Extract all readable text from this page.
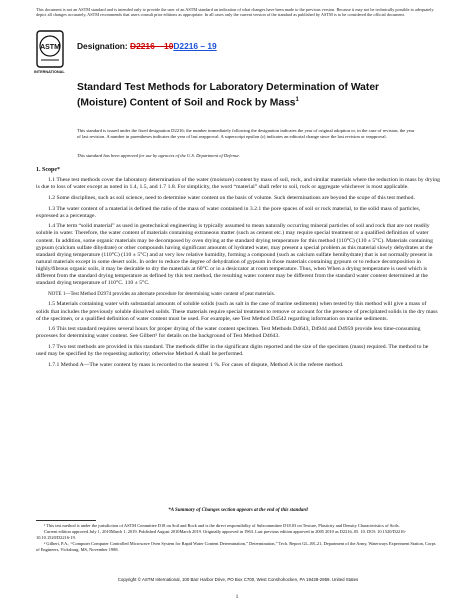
This document is not an ASTM standard and is intended only to provide the user of an ASTM standard an indication of what changes have been made to the previous version. Because it may not be technically possible to adequately depict all changes accurately, ASTM recommends that users consult prior editions as appropriate. In all cases only the current version of the standard as published by ASTM is to be considered the official document.
ASTM
INTERNATIONAL
Designation: D2216 – 10D2216 – 19
Standard Test Methods for Laboratory Determination of Water (Moisture) Content of Soil and Rock by Mass$^1$

This standard is issued under the fixed designation D2216; the number immediately following the designation indicates the year of original adoption or, in the case of revision, the year of last revision. A number in parentheses indicates the year of last reapproval. A superscript epsilon (ε) indicates an editorial change since the last revision or reapproval.

This standard has been approved for use by agencies of the U.S. Department of Defense.
1. Scope*

1.1 These test methods cover the laboratory determination of the water (moisture) content by mass of soil, rock, and similar materials where the reduction in mass by drying is due to loss of water except as noted in 1.4, 1.5, and 1.7 1.8. For simplicity, the word “material” shall refer to soil, rock or aggregate whichever is most applicable.

1.2 Some disciplines, such as soil science, need to determine water content on the basis of volume. Such determinations are beyond the scope of this test method.

1.3 The water content of a material is defined the ratio of the mass of water contained in 3.2.1 the pore spaces of soil or rock material, to the solid mass of particles, expressed as a percentage.

1.4 The term “solid material” as used in geotechnical engineering is typically assumed to mean naturally occurring mineral particles of soil and rock that are not readily soluble in water. Therefore, the water content of materials containing extraneous matter (such as cement etc.) may require special treatment or a qualified definition of water content. In addition, some organic materials may be decomposed by oven drying at the standard drying temperature for this method (110°C) (110 ± 5°C). Materials containing gypsum (calcium sulfate dihydrate) or other compounds having significant amounts of hydrated water, may present a special problem as this material slowly dehydrates at the standard drying temperature (110°C) (110 ± 5°C) and at very low relative humidity, forming a compound (such as calcium sulfate hemihydrate) that is not normally present in natural materials except in some desert soils. In order to reduce the degree of dehydration of gypsum in those materials containing gypsum or to reduce decomposition in highly/fibrous organic soils, it may be desirable to dry the materials at 60°C or in a desiccator at room temperature. Thus, when When a drying temperature is used which is different from the standard drying temperature as defined by this test method, the resulting water content may be different from the standard water content determined at the standard drying temperature of 110°C. 110 ± 5°C.

NOTE 1—Test Method D2974 provides an alternate procedure for determining water content of peat materials.

1.5 Materials containing water with substantial amounts of soluble solids (such as salt in the case of marine sediments) when tested by this method will give a mass of solids that includes the previously soluble dissolved solids. These materials require special treatment to remove or account for the presence of precipitated solids in the dry mass of the specimen, or a qualified definition of water content must be used. For example, see Test Method D4542 regarding information on marine sediments.

1.6 This test standard requires several hours for proper drying of the water content specimen. Test Methods D4643, D4944 and D4959 provide less time-consuming processes for determining water content. See Gilbert² for details on the background of Test Method D4643.

1.7 Two test methods are provided in this standard. The methods differ in the significant digits reported and the size of the specimen (mass) required. The method to be used may be specified by the requesting authority; otherwise Method A shall be performed.

1.7.1 Method A—The water content by mass is recorded to the nearest 1 %. For cases of dispute, Method A is the referee method.

*A Summary of Changes section appears at the end of this standard

¹ This test method is under the jurisdiction of ASTM Committee D18 on Soil and Rock and is the direct responsibility of Subcommittee D18.03 on Texture, Plasticity and Density Characteristics of Soils.

Current edition approved July 1, 2010March 1, 2019. Published August 2010March 2019. Originally approved in 1963. Last previous edition approved in 2005 2010 as D2216–05. 10. DOI: 10.1520/D2216-10.10.1520/D2216-19.

² Gilbert, P.A., “Computer Computer Controlled Microwave Oven System for Rapid Water Content Determination,” Determination,” Tech. Report GL–88–21, Department of the Army, Waterways Experiment Station, Corps of Engineers, Vicksburg, MS, November 1988.

Copyright © ASTM International, 100 Barr Harbor Drive, PO Box C700, West Conshohocken, PA 19428-2959. United States
1
